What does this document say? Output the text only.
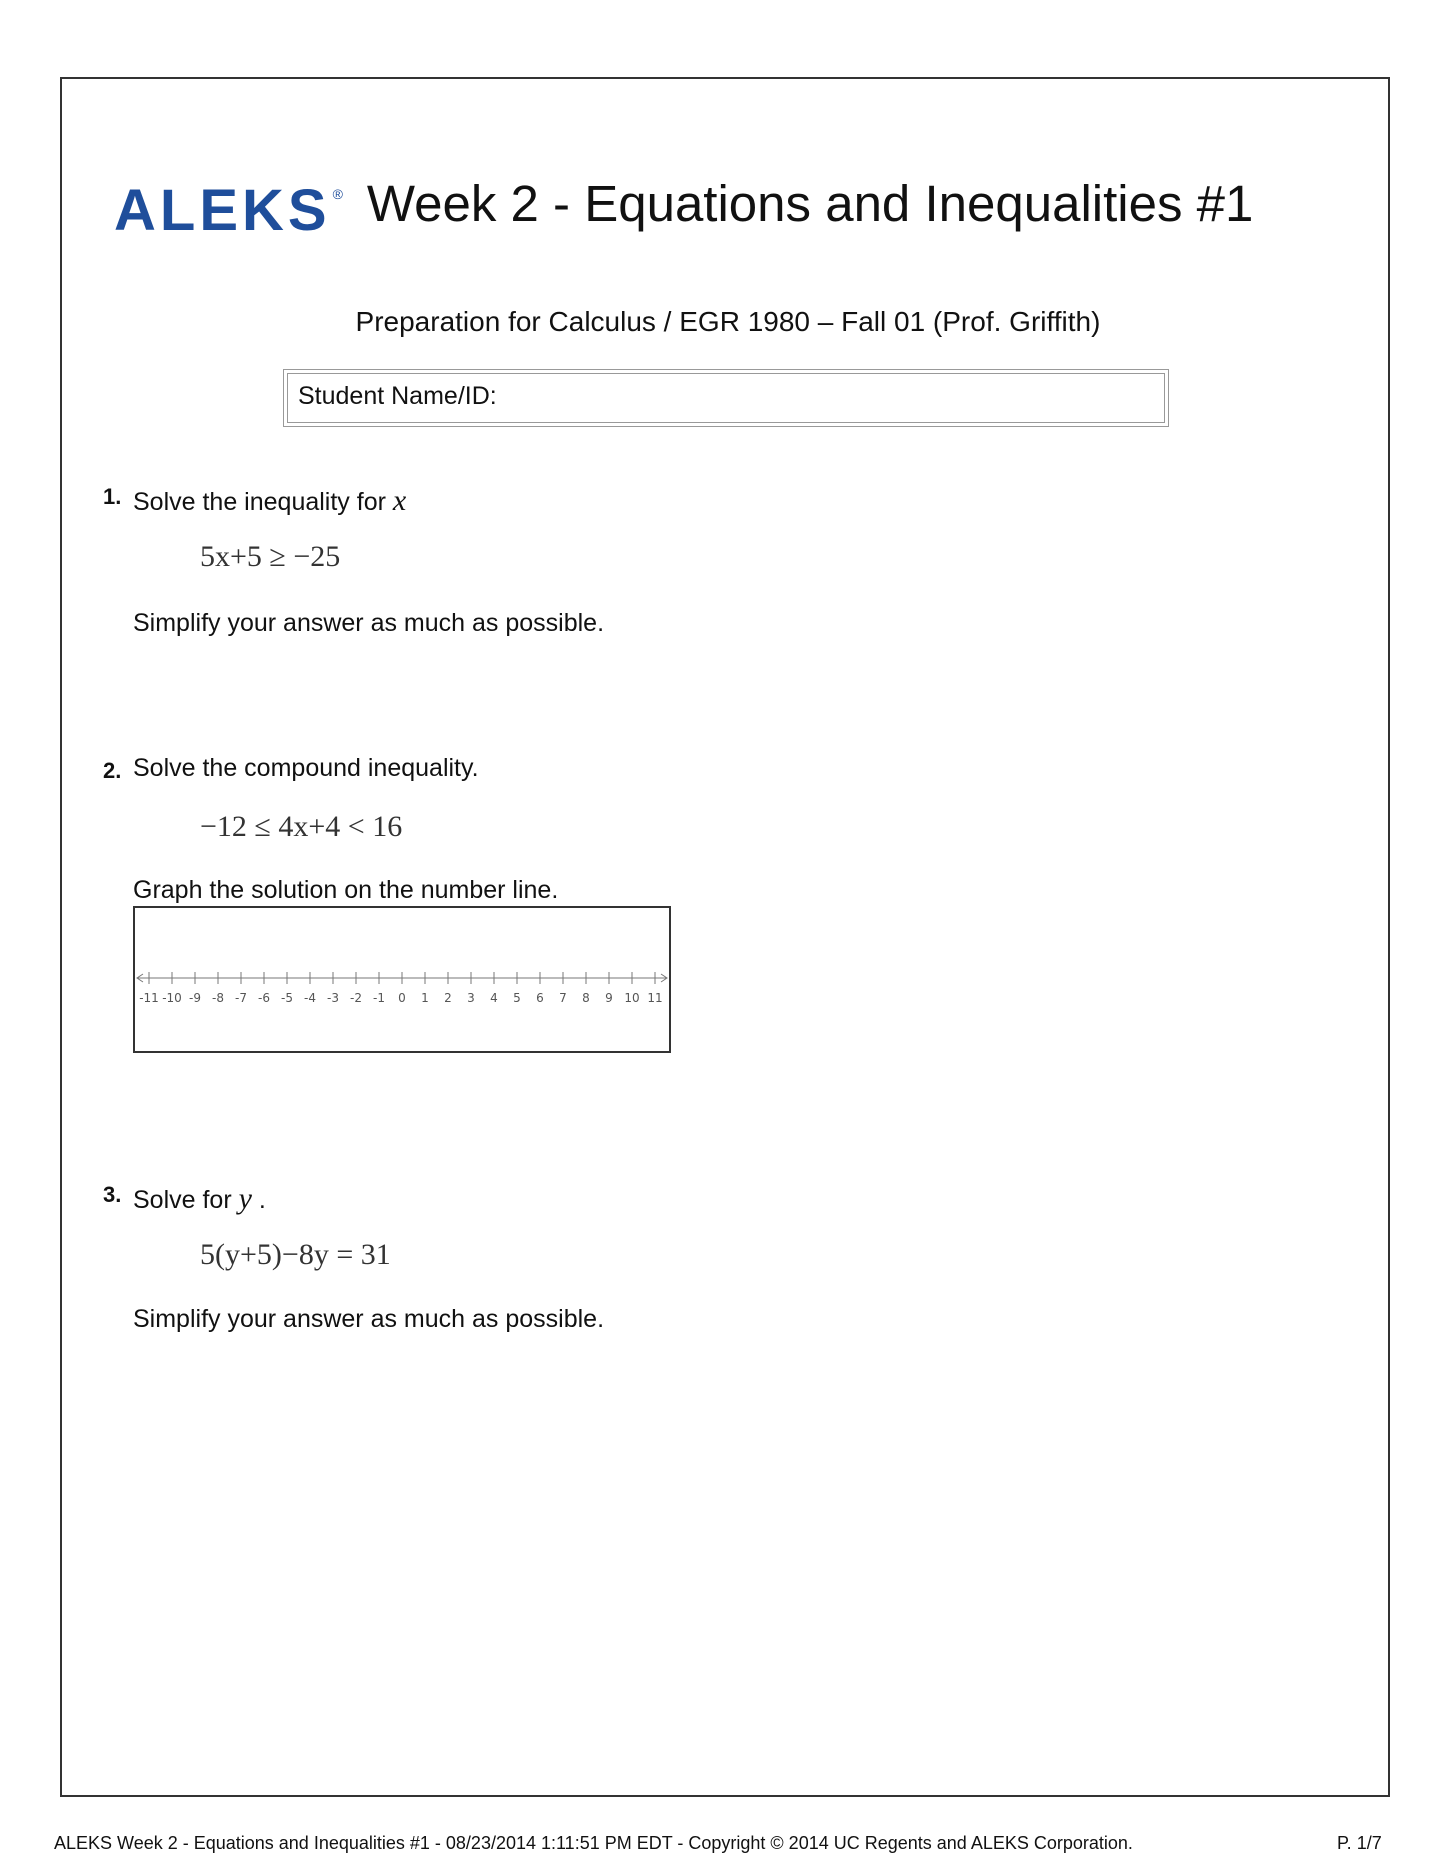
ALEKS ® Week 2 - Equations and Inequalities #1
Preparation for Calculus / EGR 1980 – Fall 01 (Prof. Griffith)
Student Name/ID:
1. Solve the inequality for x
5x+5 ≥ −25
Simplify your answer as much as possible.
2. Solve the compound inequality.
−12 ≤ 4x+4 < 16
Graph the solution on the number line.
-11 -10 -9 -8 -7 -6 -5 -4 -3 -2 -1 0 1 2 3 4 5 6 7 8 9 10 11
3. Solve for y .
5(y+5)−8y = 31
Simplify your answer as much as possible.
ALEKS Week 2 - Equations and Inequalities #1 - 08/23/2014 1:11:51 PM EDT - Copyright © 2014 UC Regents and ALEKS Corporation.	P. 1/7
